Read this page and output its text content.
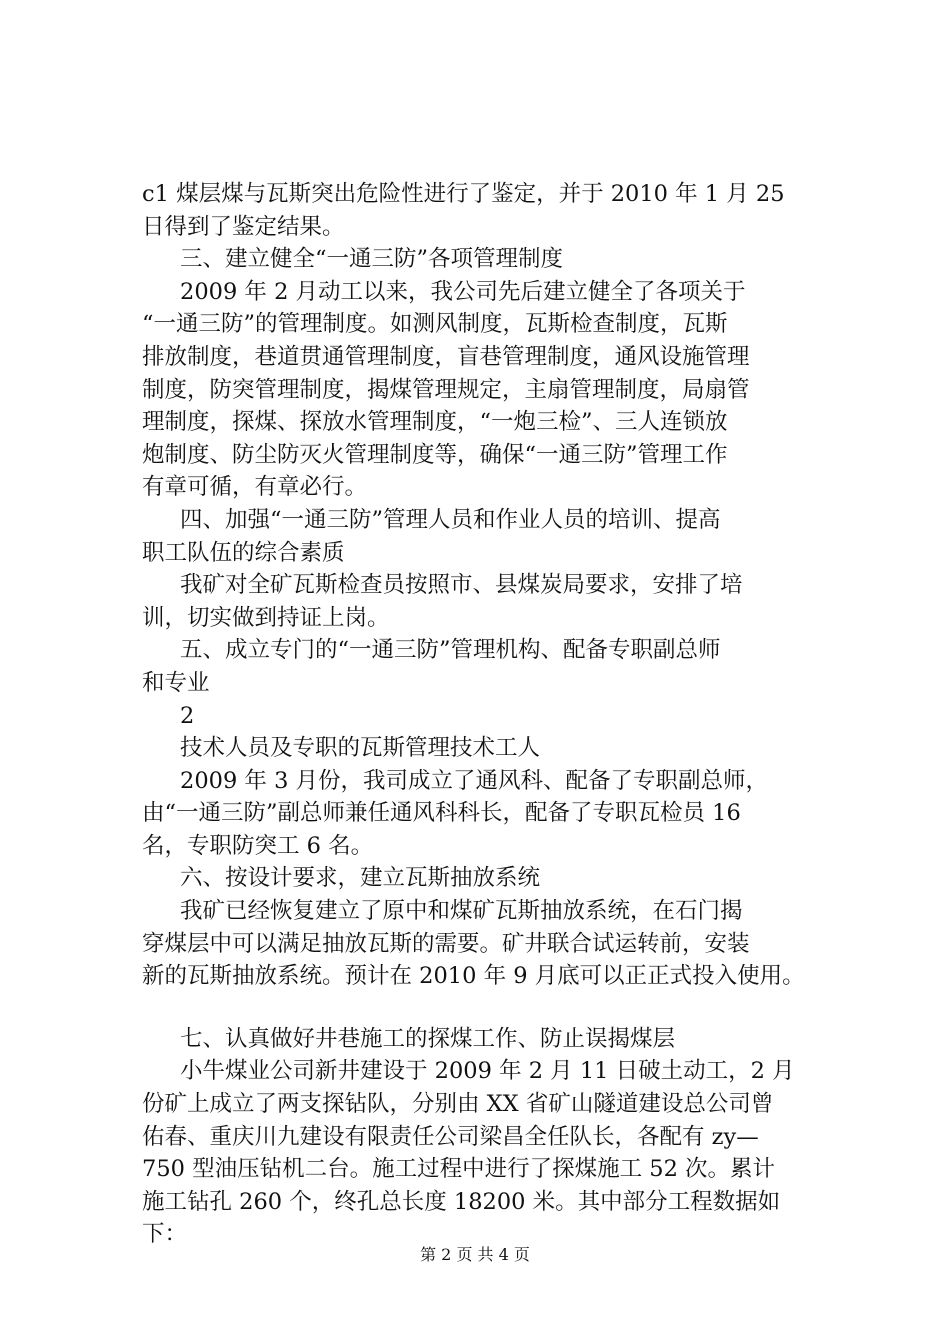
c1 煤层煤与瓦斯突出危险性进行了鉴定，并于 2010 年 1 月 25
日得到了鉴定结果。
三、建立健全“一通三防”各项管理制度
2009 年 2 月动工以来，我公司先后建立健全了各项关于
“一通三防”的管理制度。如测风制度，瓦斯检查制度，瓦斯
排放制度，巷道贯通管理制度，盲巷管理制度，通风设施管理
制度，防突管理制度，揭煤管理规定，主扇管理制度，局扇管
理制度，探煤、探放水管理制度，“一炮三检”、三人连锁放
炮制度、防尘防灭火管理制度等，确保“一通三防”管理工作
有章可循，有章必行。
四、加强“一通三防”管理人员和作业人员的培训、提高
职工队伍的综合素质
我矿对全矿瓦斯检查员按照市、县煤炭局要求，安排了培
训，切实做到持证上岗。
五、成立专门的“一通三防”管理机构、配备专职副总师
和专业
2
技术人员及专职的瓦斯管理技术工人
2009 年 3 月份，我司成立了通风科、配备了专职副总师，
由“一通三防”副总师兼任通风科科长，配备了专职瓦检员 16
名，专职防突工 6 名。
六、按设计要求，建立瓦斯抽放系统
我矿已经恢复建立了原中和煤矿瓦斯抽放系统，在石门揭
穿煤层中可以满足抽放瓦斯的需要。矿井联合试运转前，安装
新的瓦斯抽放系统。预计在 2010 年 9 月底可以正正式投入使用。
七、认真做好井巷施工的探煤工作、防止误揭煤层
小牛煤业公司新井建设于 2009 年 2 月 11 日破土动工，2 月
份矿上成立了两支探钻队，分别由 XX 省矿山隧道建设总公司曾
佑春、重庆川九建设有限责任公司梁昌全任队长，各配有 zy—
750 型油压钻机二台。施工过程中进行了探煤施工 52 次。累计
施工钻孔 260 个，终孔总长度 18200 米。其中部分工程数据如
下：
第 2 页 共 4 页
